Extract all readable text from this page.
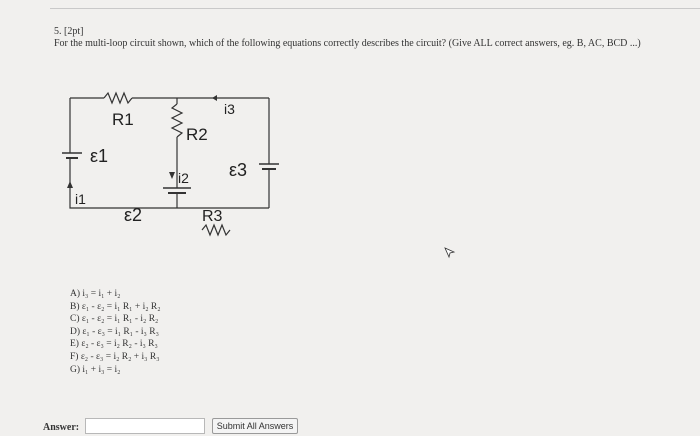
5. [2pt]
For the multi-loop circuit shown, which of the following equations correctly describes the circuit? (Give ALL correct answers, eg. B, AC, BCD ...)
R1
R2
R3
ε1
ε2
ε3
i1
i2
i3
A) i₃ = i₁ + i₂
B) ε₁ - ε₂ = i₁ R₁ + i₂ R₂
C) ε₁ - ε₂ = i₁ R₁ - i₂ R₂
D) ε₁ - ε₃ = i₁ R₁ - i₃ R₃
E) ε₂ - ε₃ = i₂ R₂ - i₃ R₃
F) ε₂ - ε₃ = i₂ R₂ + i₃ R₃
G) i₁ + i₃ = i₂
Answer:	Submit All Answers
